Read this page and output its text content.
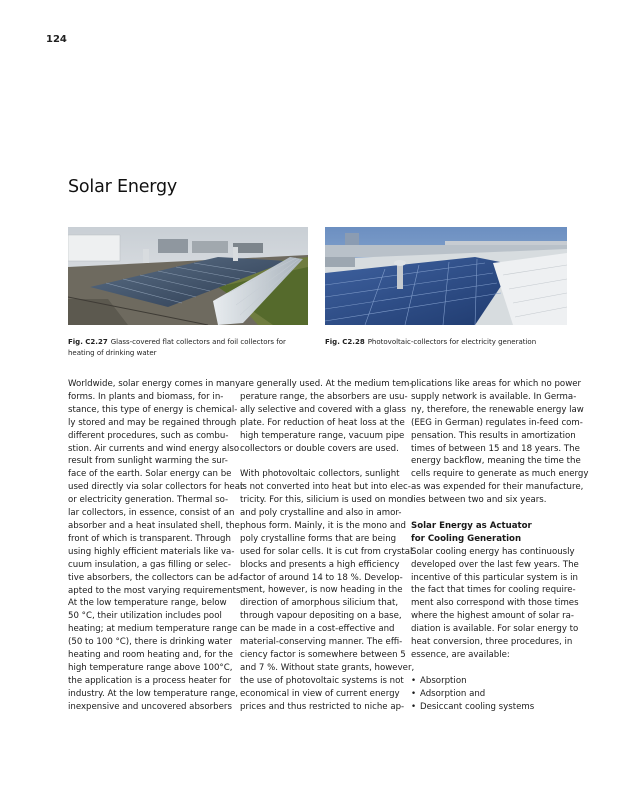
124
Solar Energy
Fig. C2.27 Glass-covered flat collectors and foil collectors for heating of drinking water
Fig. C2.28 Photovoltaic-collectors for electricity generation

Worldwide, solar energy comes in many

forms. In plants and biomass, for in-

stance, this type of energy is chemical-

ly stored and may be regained through

different procedures, such as combu-

stion. Air currents and wind energy also

result from sunlight warming the sur-

face of the earth. Solar energy can be

used directly via solar collectors for heat

or electricity generation. Thermal so-

lar collectors, in essence, consist of an

absorber and a heat insulated shell, the

front of which is transparent. Through

using highly efficient materials like va-

cuum insulation, a gas filling or selec-

tive absorbers, the collectors can be ad-

apted to the most varying requirements.

At the low temperature range, below

50 °C, their utilization includes pool

heating; at medium temperature range

(50 to 100 °C), there is drinking water

heating and room heating and, for the

high temperature range above 100°C,

the application is a process heater for

industry. At the low temperature range,

inexpensive and uncovered absorbers

are generally used. At the medium tem-

perature range, the absorbers are usu-

ally selective and covered with a glass

plate. For reduction of heat loss at the

high temperature range, vacuum pipe

collectors or double covers are used.

With photovoltaic collectors, sunlight

is not converted into heat but into elec-

tricity. For this, silicium is used on mono

and poly crystalline and also in amor-

phous form. Mainly, it is the mono and

poly crystalline forms that are being

used for solar cells. It is cut from crystal

blocks and presents a high efficiency

factor of around 14 to 18 %. Develop-

ment, however, is now heading in the

direction of amorphous silicium that,

through vapour depositing on a base,

can be made in a cost-effective and

material-conserving manner. The effi-

ciency factor is somewhere between 5

and 7 %. Without state grants, however,

the use of photovoltaic systems is not

economical in view of current energy

prices and thus restricted to niche ap-

plications like areas for which no power

supply network is available. In Germa-

ny, therefore, the renewable energy law

(EEG in German) regulates in-feed com-

pensation. This results in amortization

times of between 15 and 18 years. The

energy backflow, meaning the time the

cells require to generate as much energy

as was expended for their manufacture,

lies between two and six years.

Solar Energy as Actuator

for Cooling Generation

Solar cooling energy has continuously

developed over the last few years. The

incentive of this particular system is in

the fact that times for cooling require-

ment also correspond with those times

where the highest amount of solar ra-

diation is available. For solar energy to

heat conversion, three procedures, in

essence, are available:

• Absorption
• Adsorption and
• Desiccant cooling systems
